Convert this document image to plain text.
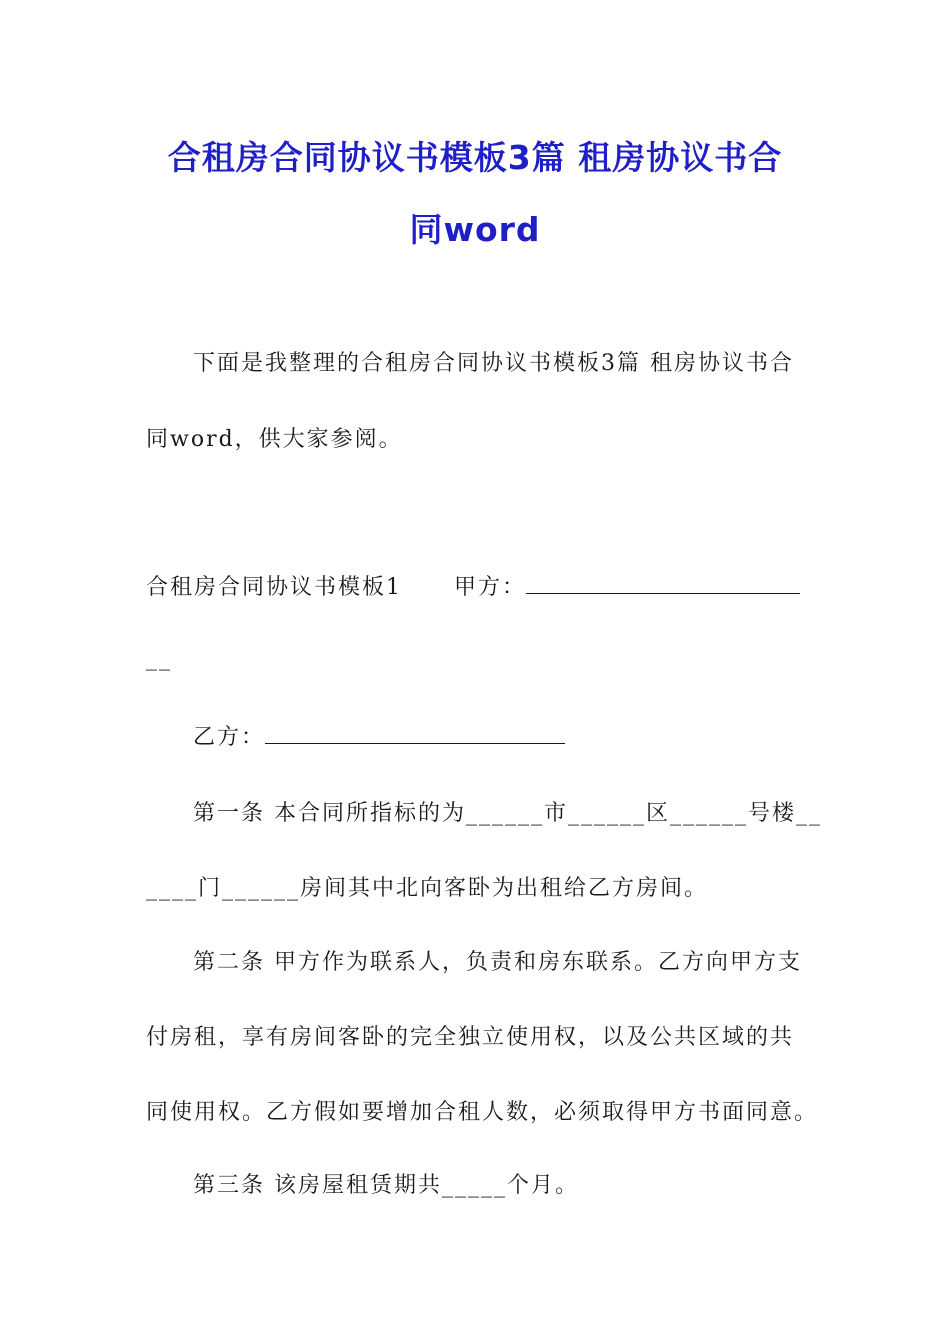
合租房合同协议书模板3篇 租房协议书合
同word

下面是我整理的合租房合同协议书模板3篇 租房协议书合

同word，供大家参阅。

合租房合同协议书模板1 甲方：

__

乙方：

第一条 本合同所指标的为______市______区______号楼__

____门______房间其中北向客卧为出租给乙方房间。

第二条 甲方作为联系人，负责和房东联系。乙方向甲方支

付房租，享有房间客卧的完全独立使用权，以及公共区域的共

同使用权。乙方假如要增加合租人数，必须取得甲方书面同意。

第三条 该房屋租赁期共_____个月。
